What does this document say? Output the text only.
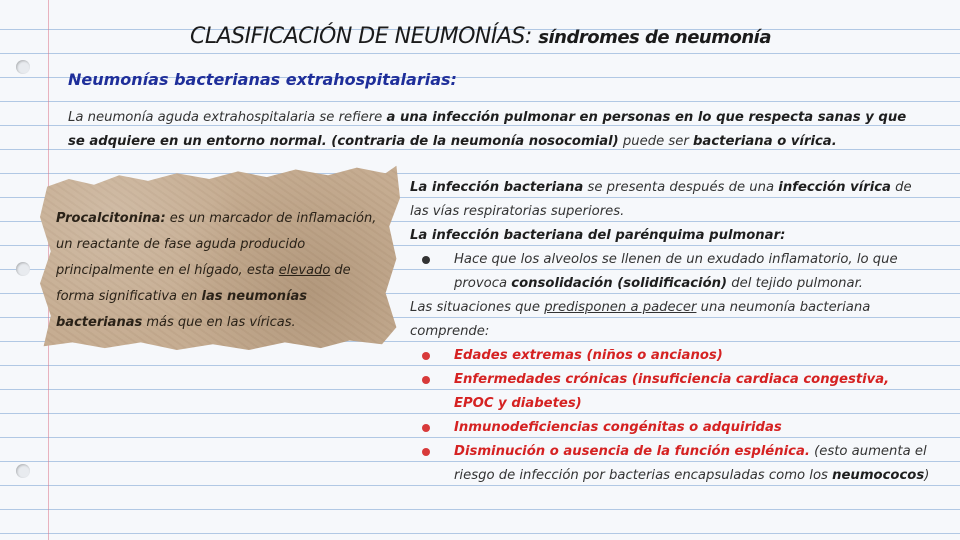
CLASIFICACIÓN DE NEUMONÍAS: síndromes de neumonía
Neumonías bacterianas extrahospitalarias:

La neumonía aguda extrahospitalaria se refiere a una infección pulmonar en personas en lo que respecta sanas y que se adquiere en un entorno normal. (contraria de la neumonía nosocomial) puede ser bacteriana o vírica.

Procalcitonina: es un marcador de inflamación, un reactante de fase aguda producido principalmente en el hígado, esta elevado de forma significativa en las neumonías bacterianas más que en las víricas.

La infección bacteriana se presenta después de una infección vírica de las vías respiratorias superiores.

La infección bacteriana del parénquima pulmonar:

Hace que los alveolos se llenen de un exudado inflamatorio, lo que provoca consolidación (solidificación) del tejido pulmonar.

Las situaciones que predisponen a padecer una neumonía bacteriana comprende:

Edades extremas (niños o ancianos)
Enfermedades crónicas (insuficiencia cardiaca congestiva, EPOC y diabetes)
Inmunodeficiencias congénitas o adquiridas
Disminución o ausencia de la función esplénica. (esto aumenta el riesgo de infección por bacterias encapsuladas como los neumococos)
